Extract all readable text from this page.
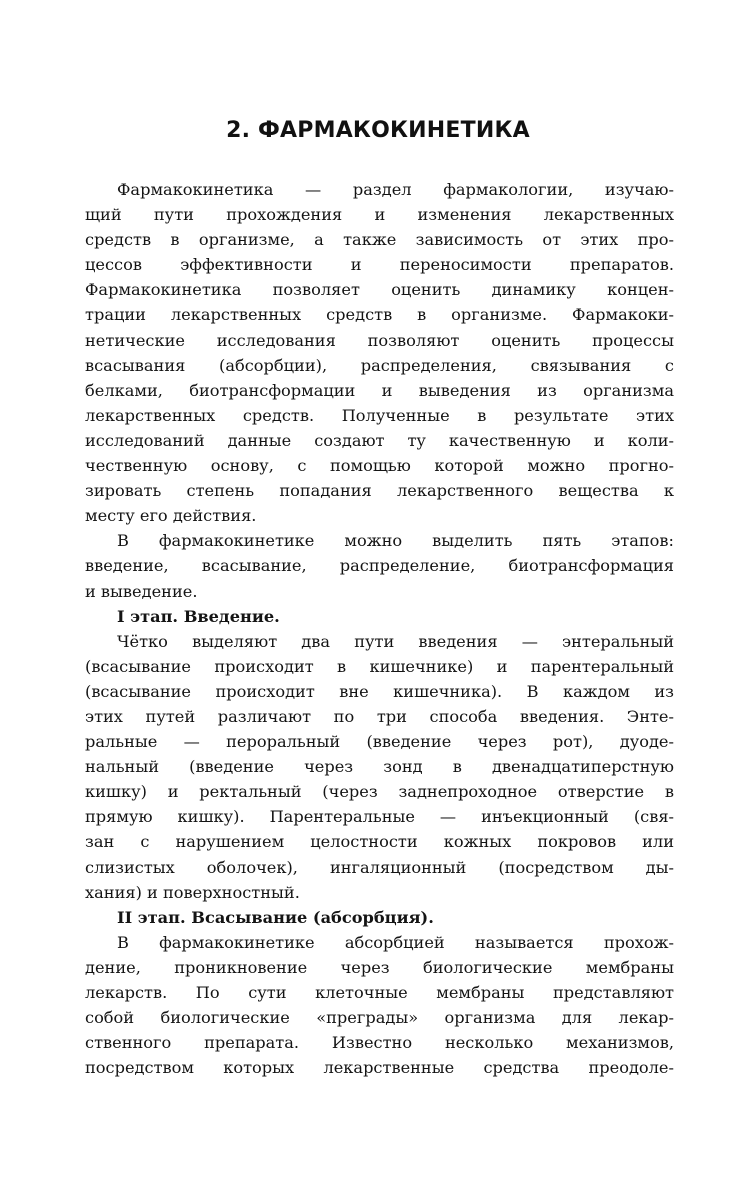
2. ФАРМАКОКИНЕТИКА
Фармакокинетика — раздел фармакологии, изучаю-
щий пути прохождения и изменения лекарственных
средств в организме, а также зависимость от этих про-
цессов эффективности и переносимости препаратов.
Фармакокинетика позволяет оценить динамику концен-
трации лекарственных средств в организме. Фармакоки-
нетические исследования позволяют оценить процессы
всасывания (абсорбции), распределения, связывания с
белками, биотрансформации и выведения из организма
лекарственных средств. Полученные в результате этих
исследований данные создают ту качественную и коли-
чественную основу, с помощью которой можно прогно-
зировать степень попадания лекарственного вещества к
месту его действия.
В фармакокинетике можно выделить пять этапов:
введение, всасывание, распределение, биотрансформация
и выведение.
I этап. Введение.
Чётко выделяют два пути введения — энтеральный
(всасывание происходит в кишечнике) и парентеральный
(всасывание происходит вне кишечника). В каждом из
этих путей различают по три способа введения. Энте-
ральные — пероральный (введение через рот), дуоде-
нальный (введение через зонд в двенадцатиперстную
кишку) и ректальный (через заднепроходное отверстие в
прямую кишку). Парентеральные — инъекционный (свя-
зан с нарушением целостности кожных покровов или
слизистых оболочек), ингаляционный (посредством ды-
хания) и поверхностный.
II этап. Всасывание (абсорбция).
В фармакокинетике абсорбцией называется прохож-
дение, проникновение через биологические мембраны
лекарств. По сути клеточные мембраны представляют
собой биологические «преграды» организма для лекар-
ственного препарата. Известно несколько механизмов,
посредством которых лекарственные средства преодоле-
